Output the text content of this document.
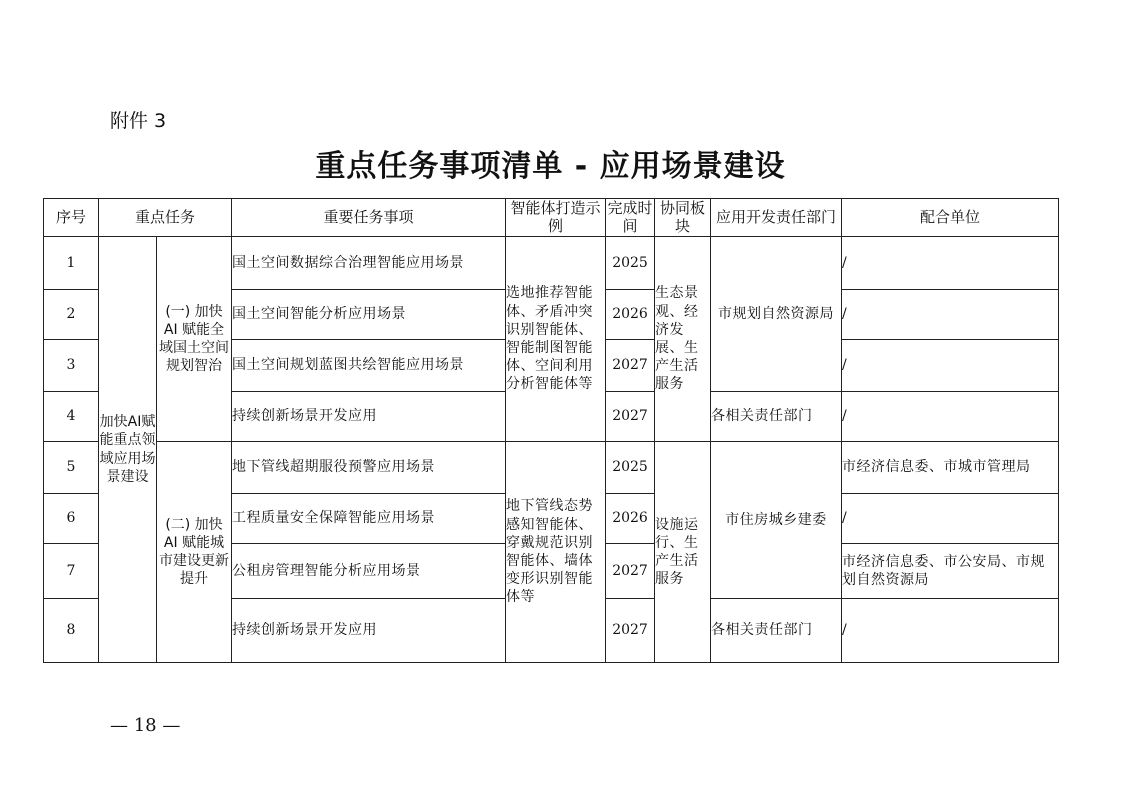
附件 3
重点任务事项清单 - 应用场景建设
序号	重点任务		重要任务事项	智能体打造示例	完成时间	协同板块	应用开发责任部门	配合单位
1	加快AI赋能重点领域应用场景建设	(一) 加快 AI 赋能全域国土空间规划智治	国土空间数据综合治理智能应用场景	选地推荐智能体、矛盾冲突识别智能体、智能制图智能体、空间利用分析智能体等	2025	生态景观、经济发展、生产生活服务	市规划自然资源局	/
2			国土空间智能分析应用场景		2026			/
3			国土空间规划蓝图共绘智能应用场景		2027			/
4			持续创新场景开发应用		2027		各相关责任部门	/
5		(二) 加快 AI 赋能城市建设更新提升	地下管线超期服役预警应用场景	地下管线态势感知智能体、穿戴规范识别智能体、墙体变形识别智能体等	2025	设施运行、生产生活服务	市住房城乡建委	市经济信息委、市城市管理局
6			工程质量安全保障智能应用场景		2026			/
7			公租房管理智能分析应用场景		2027			市经济信息委、市公安局、市规划自然资源局
8			持续创新场景开发应用		2027		各相关责任部门	/
— 18 —
